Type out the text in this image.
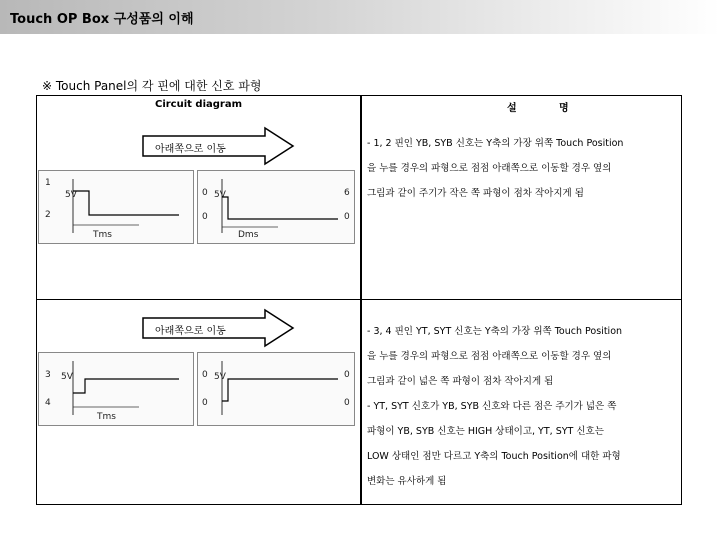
Touch OP Box 구성품의 이해
※ Touch Panel의 각 핀에 대한 신호 파형
Circuit diagram	설	명
아래쪽으로 이동
1
2
5V
Tms
0
0
5V
Dms
6
0

- 1, 2 핀인 YB, SYB 신호는 Y축의 가장 위쪽 Touch Position

을 누를 경우의 파형으로 점점 아래쪽으로 이동할 경우 옆의

그림과 같이 주기가 작은 쪽 파형이 점차 작아지게 됨

아래쪽으로 이동
3
4
5V
Tms
0
0
5V	0
0

- 3, 4 핀인 YT, SYT 신호는 Y축의 가장 위쪽 Touch Position

을 누를 경우의 파형으로 점점 아래쪽으로 이동할 경우 옆의

그림과 같이 넓은 쪽 파형이 점차 작아지게 됨

- YT, SYT 신호가 YB, SYB 신호와 다른 점은 주기가 넓은 쪽

파형이 YB, SYB 신호는 HIGH 상태이고, YT, SYT 신호는

LOW 상태인 점만 다르고 Y축의 Touch Position에 대한 파형

변화는 유사하게 됨
